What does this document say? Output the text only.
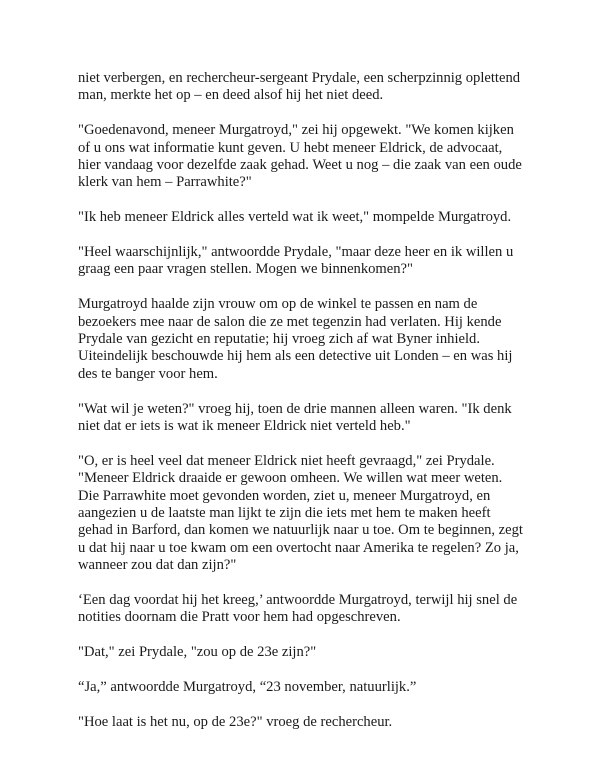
niet verbergen, en rechercheur-sergeant Prydale, een scherpzinnig oplettend
man, merkte het op – en deed alsof hij het niet deed.

"Goedenavond, meneer Murgatroyd," zei hij opgewekt. "We komen kijken
of u ons wat informatie kunt geven. U hebt meneer Eldrick, de advocaat,
hier vandaag voor dezelfde zaak gehad. Weet u nog – die zaak van een oude
klerk van hem – Parrawhite?"

"Ik heb meneer Eldrick alles verteld wat ik weet," mompelde Murgatroyd.

"Heel waarschijnlijk," antwoordde Prydale, "maar deze heer en ik willen u
graag een paar vragen stellen. Mogen we binnenkomen?"

Murgatroyd haalde zijn vrouw om op de winkel te passen en nam de
bezoekers mee naar de salon die ze met tegenzin had verlaten. Hij kende
Prydale van gezicht en reputatie; hij vroeg zich af wat Byner inhield.
Uiteindelijk beschouwde hij hem als een detective uit Londen – en was hij
des te banger voor hem.

"Wat wil je weten?" vroeg hij, toen de drie mannen alleen waren. "Ik denk
niet dat er iets is wat ik meneer Eldrick niet verteld heb."

"O, er is heel veel dat meneer Eldrick niet heeft gevraagd," zei Prydale.
"Meneer Eldrick draaide er gewoon omheen. We willen wat meer weten.
Die Parrawhite moet gevonden worden, ziet u, meneer Murgatroyd, en
aangezien u de laatste man lijkt te zijn die iets met hem te maken heeft
gehad in Barford, dan komen we natuurlijk naar u toe. Om te beginnen, zegt
u dat hij naar u toe kwam om een overtocht naar Amerika te regelen? Zo ja,
wanneer zou dat dan zijn?"

‘Een dag voordat hij het kreeg,’ antwoordde Murgatroyd, terwijl hij snel de
notities doornam die Pratt voor hem had opgeschreven.

"Dat," zei Prydale, "zou op de 23e zijn?"

“Ja,” antwoordde Murgatroyd, “23 november, natuurlijk.”

"Hoe laat is het nu, op de 23e?" vroeg de rechercheur.
